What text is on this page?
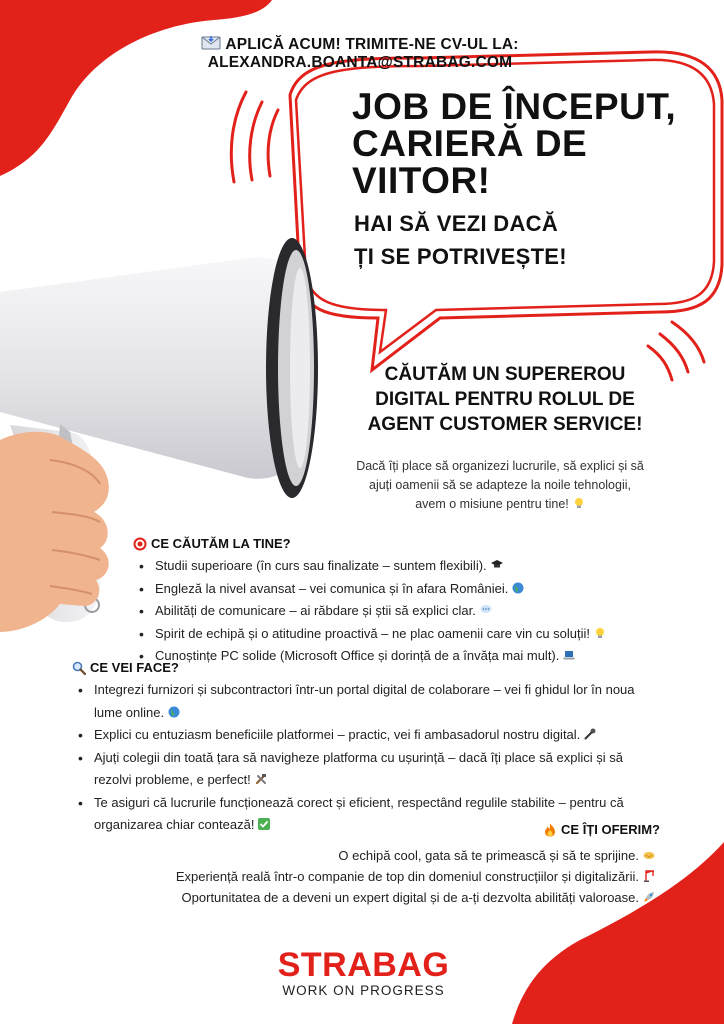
APLICĂ ACUM! TRIMITE-NE CV-UL LA:
ALEXANDRA.BOANTA@STRABAG.COM
JOB DE ÎNCEPUT,
CARIERĂ DE
VIITOR!
HAI SĂ VEZI DACĂ
ȚI SE POTRIVEȘTE!
CĂUTĂM UN SUPEREROU
DIGITAL PENTRU ROLUL DE
AGENT CUSTOMER SERVICE!
Dacă îți place să organizezi lucrurile, să explici și să
ajuți oamenii să se adapteze la noile tehnologii,
avem o misiune pentru tine!
CE CĂUTĂM LA TINE?
• Studii superioare (în curs sau finalizate – suntem flexibili).
• Engleză la nivel avansat – vei comunica și în afara României.
• Abilități de comunicare – ai răbdare și știi să explici clar.
• Spirit de echipă și o atitudine proactivă – ne plac oamenii care vin cu soluții!
• Cunoștințe PC solide (Microsoft Office și dorință de a învăța mai mult).
CE VEI FACE?
• Integrezi furnizori și subcontractori într-un portal digital de colaborare – vei fi ghidul lor în noua lume online.
• Explici cu entuziasm beneficiile platformei – practic, vei fi ambasadorul nostru digital.
• Ajuți colegii din toată țara să navigheze platforma cu ușurință – dacă îți place să explici și să rezolvi probleme, e perfect!
• Te asiguri că lucrurile funcționează corect și eficient, respectând regulile stabilite – pentru că organizarea chiar contează!	CE ÎȚI OFERIM?
O echipă cool, gata să te primească și să te sprijine.
Experiență reală într-o companie de top din domeniul construcțiilor și digitalizării.
Oportunitatea de a deveni un expert digital și de a-ți dezvolta abilități valoroase.
STRABAG
WORK ON PROGRESS
